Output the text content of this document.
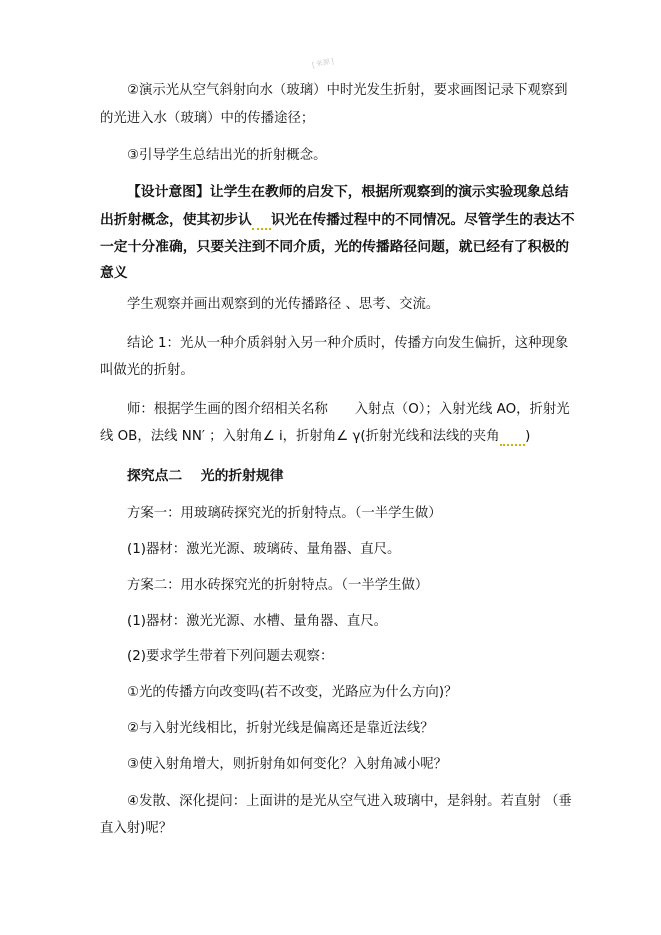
[ 来源 ]
②演示光从空气斜射向水（玻璃）中时光发生折射，要求画图记录下观察到
的光进入水（玻璃）中的传播途径；
③引导学生总结出光的折射概念。
【设计意图】让学生在教师的启发下，根据所观察到的演示实验现象总结
出折射概念，使其初步认   识光在传播过程中的不同情况。尽管学生的表达不
一定十分准确，只要关注到不同介质，光的传播路径问题，就已经有了积极的
意义
学生观察并画出观察到的光传播路径 、思考、交流。
结论 1：光从一种介质斜射入另一种介质时，传播方向发生偏折，这种现象
叫做光的折射。
师：根据学生画的图介绍相关名称   入射点（O）；入射光线 AO，折射光
线 OB，法线 NN′ ；入射角∠ i，折射角∠ γ(折射光线和法线的夹角    )
探究点二　 光的折射规律
方案一：用玻璃砖探究光的折射特点。（一半学生做）
(1)器材：激光光源、玻璃砖、量角器、直尺。
方案二：用水砖探究光的折射特点。（一半学生做）
(1)器材：激光光源、水槽、量角器、直尺。
(2)要求学生带着下列问题去观察：
①光的传播方向改变吗(若不改变，光路应为什么方向)？
②与入射光线相比，折射光线是偏离还是靠近法线？
③使入射角增大，则折射角如何变化？入射角减小呢？
④发散、深化提问：上面讲的是光从空气进入玻璃中，是斜射。若直射 （垂
直入射)呢？
